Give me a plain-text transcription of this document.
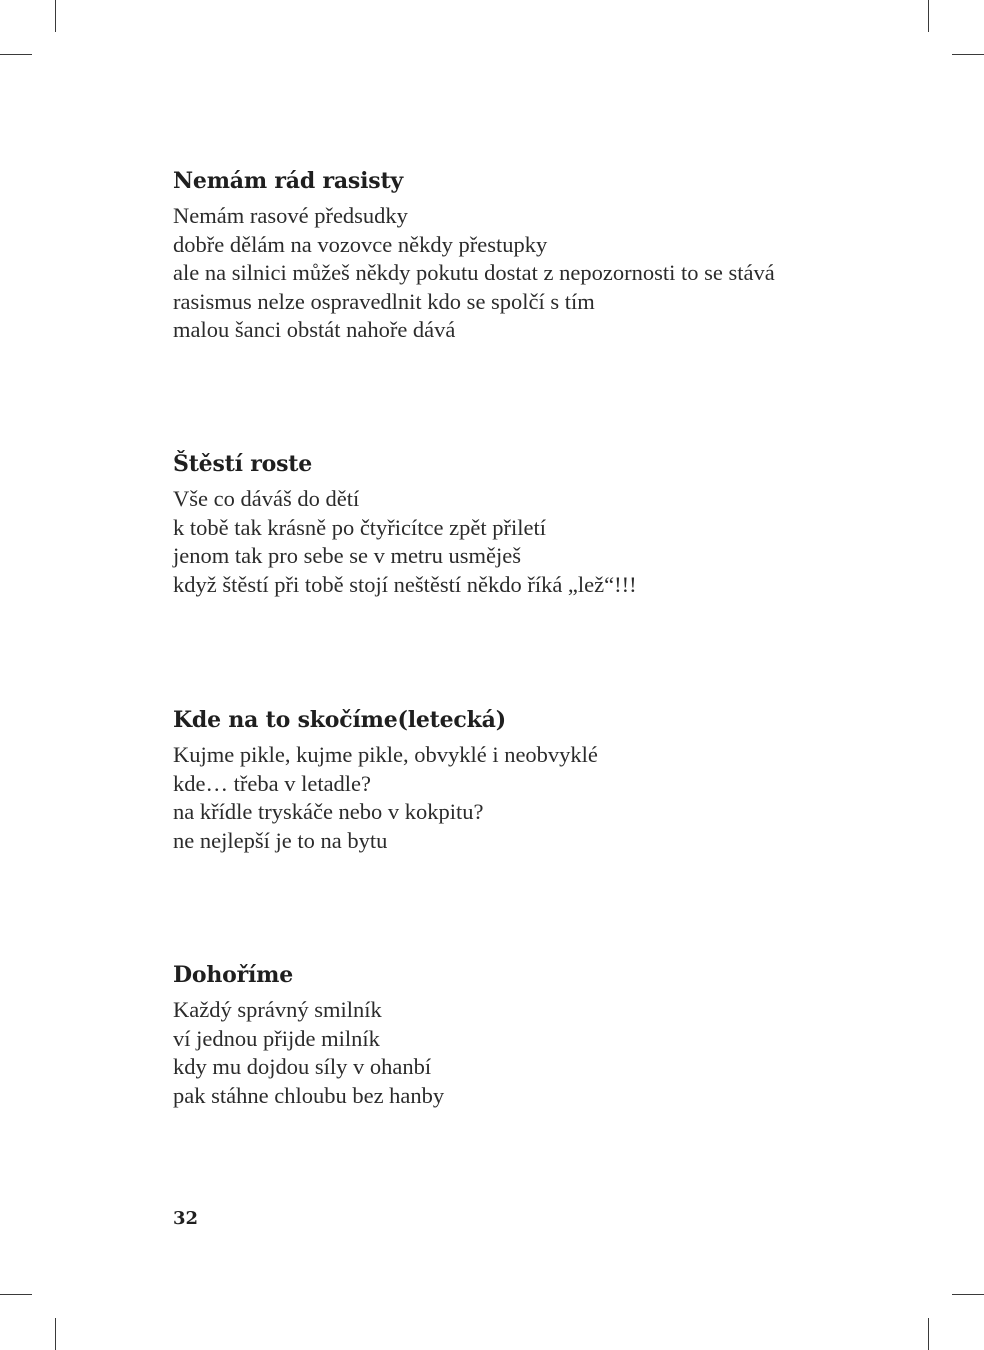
Nemám rád rasisty
Nemám rasové předsudky
dobře dělám na vozovce někdy přestupky
ale na silnici můžeš někdy pokutu dostat z nepozornosti to se stává
rasismus nelze ospravedlnit kdo se spolčí s tím
malou šanci obstát nahoře dává
Štěstí roste
Vše co dáváš do dětí
k tobě tak krásně po čtyřicítce zpět přiletí
jenom tak pro sebe se v metru usměješ
když štěstí při tobě stojí neštěstí někdo říká „lež“!!!
Kde na to skočíme(letecká)
Kujme pikle, kujme pikle, obvyklé i neobvyklé
kde… třeba v letadle?
na křídle tryskáče nebo v kokpitu?
ne nejlepší je to na bytu
Dohoříme
Každý správný smilník
ví jednou přijde milník
kdy mu dojdou síly v ohanbí
pak stáhne chloubu bez hanby
32
